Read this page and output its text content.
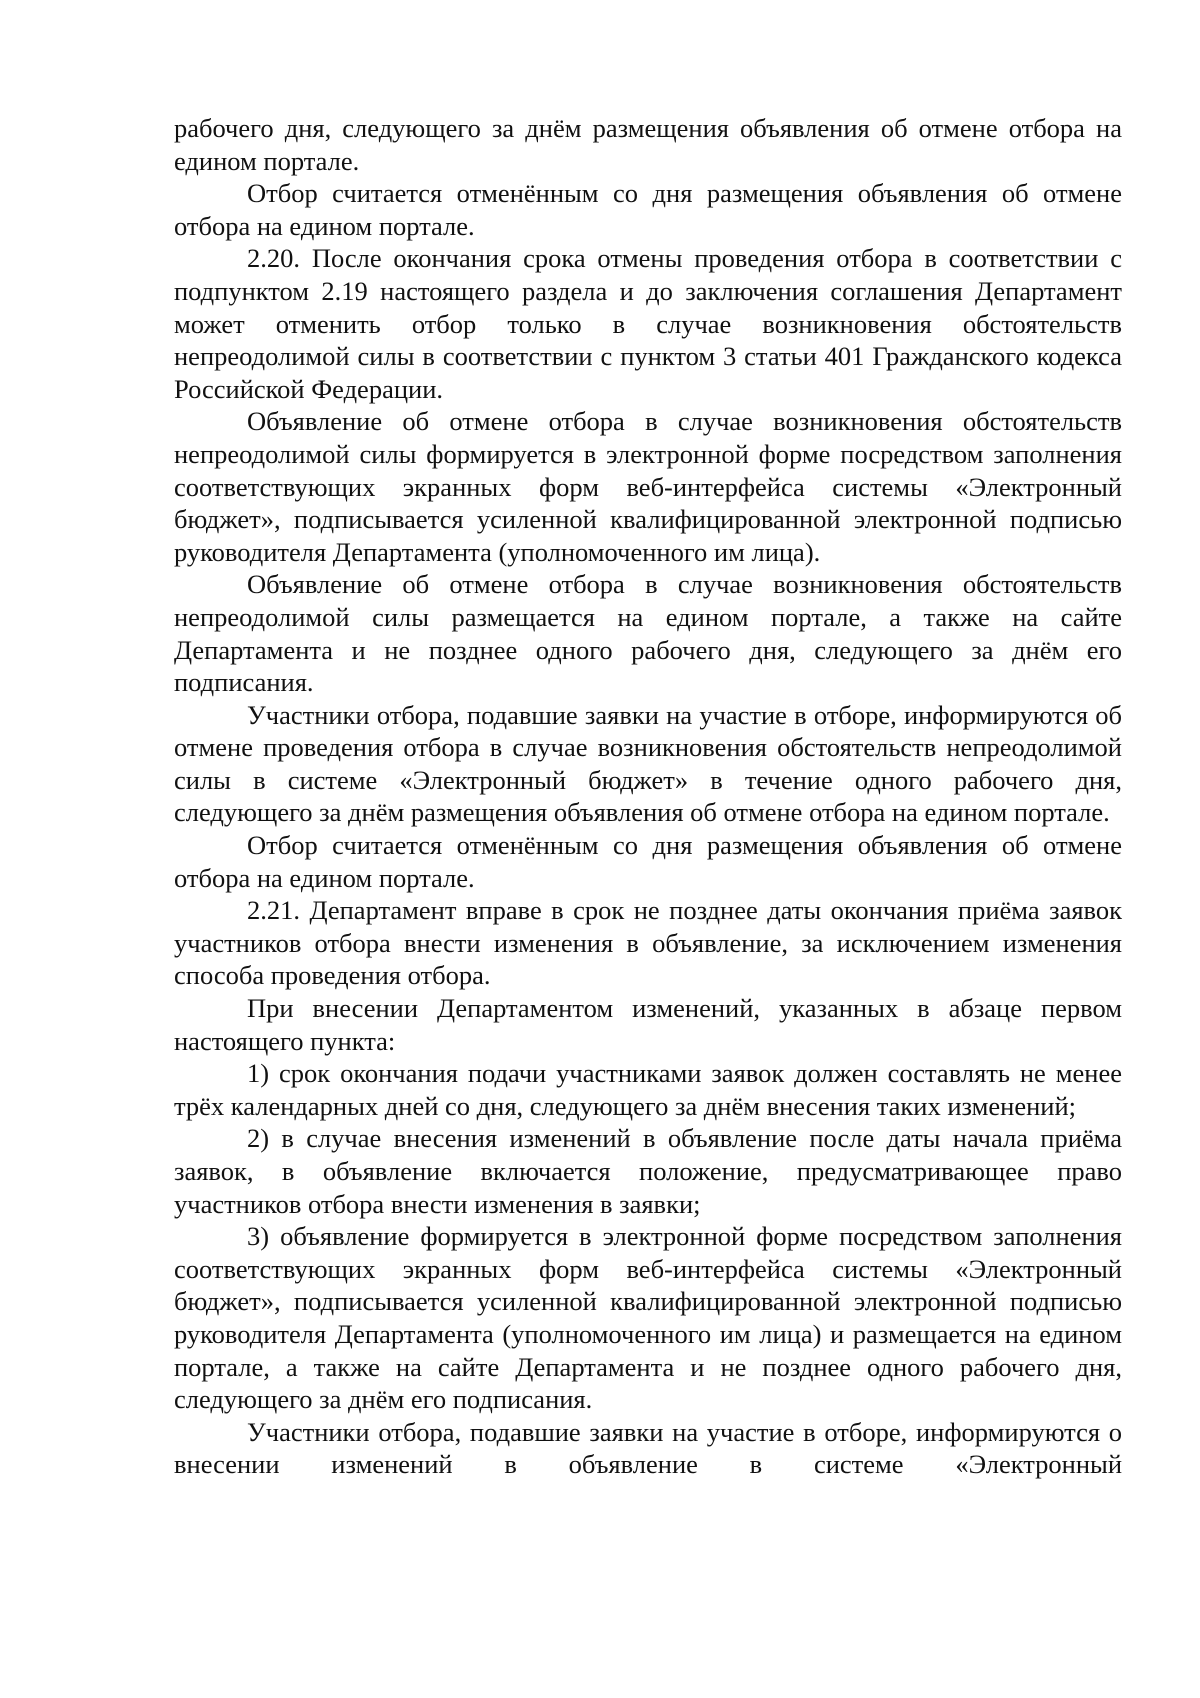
рабочего дня, следующего за днём размещения объявления об отмене отбора на едином портале.

Отбор считается отменённым со дня размещения объявления об отмене отбора на едином портале.

2.20. После окончания срока отмены проведения отбора в соответствии с подпунктом 2.19 настоящего раздела и до заключения соглашения Департамент может отменить отбор только в случае возникновения обстоятельств непреодолимой силы в соответствии с пунктом 3 статьи 401 Гражданского кодекса Российской Федерации.

Объявление об отмене отбора в случае возникновения обстоятельств непреодолимой силы формируется в электронной форме посредством заполнения соответствующих экранных форм веб-интерфейса системы «Электронный бюджет», подписывается усиленной квалифицированной электронной подписью руководителя Департамента (уполномоченного им лица).

Объявление об отмене отбора в случае возникновения обстоятельств непреодолимой силы размещается на едином портале, а также на сайте Департамента и не позднее одного рабочего дня, следующего за днём его подписания.

Участники отбора, подавшие заявки на участие в отборе, информируются об отмене проведения отбора в случае возникновения обстоятельств непреодолимой силы в системе «Электронный бюджет» в течение одного рабочего дня, следующего за днём размещения объявления об отмене отбора на едином портале.

Отбор считается отменённым со дня размещения объявления об отмене отбора на едином портале.

2.21. Департамент вправе в срок не позднее даты окончания приёма заявок участников отбора внести изменения в объявление, за исключением изменения способа проведения отбора.

При внесении Департаментом изменений, указанных в абзаце первом настоящего пункта:

1) срок окончания подачи участниками заявок должен составлять не менее трёх календарных дней со дня, следующего за днём внесения таких изменений;

2) в случае внесения изменений в объявление после даты начала приёма заявок, в объявление включается положение, предусматривающее право участников отбора внести изменения в заявки;

3) объявление формируется в электронной форме посредством заполнения соответствующих экранных форм веб-интерфейса системы «Электронный бюджет», подписывается усиленной квалифицированной электронной подписью руководителя Департамента (уполномоченного им лица) и размещается на едином портале, а также на сайте Департамента и не позднее одного рабочего дня, следующего за днём его подписания.

Участники отбора, подавшие заявки на участие в отборе, информируются о внесении изменений в объявление в системе «Электронный
